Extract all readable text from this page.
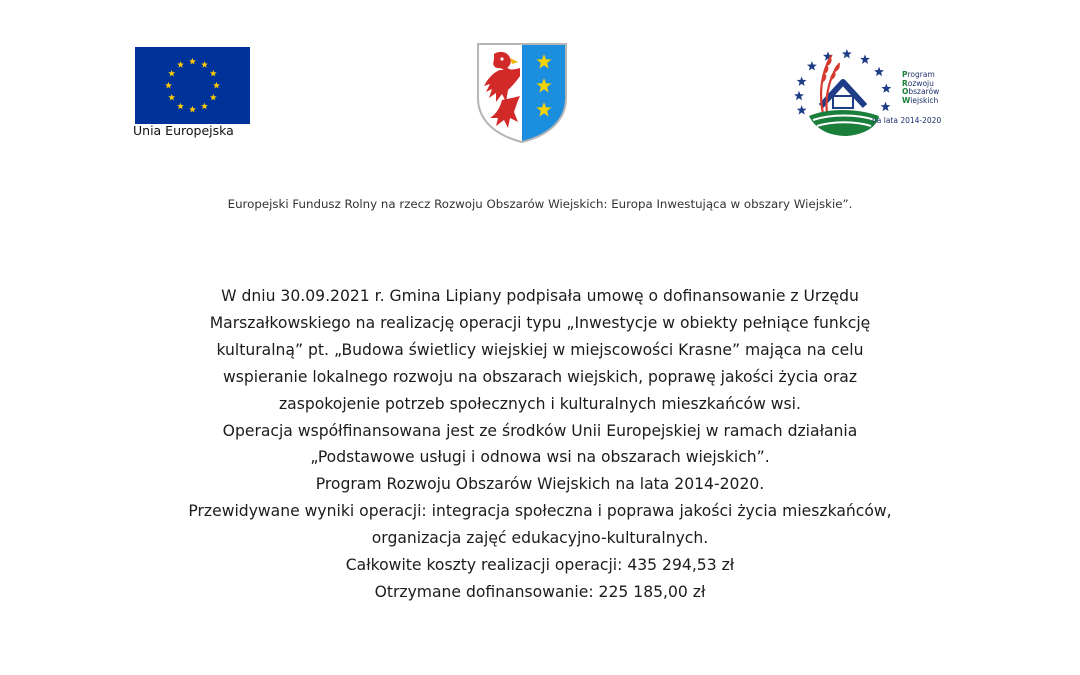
Unia Europejska
Program
Rozwoju
Obszarów
Wiejskich
na lata 2014-2020
Europejski Fundusz Rolny na rzecz Rozwoju Obszarów Wiejskich: Europa Inwestująca w obszary Wiejskie”.
W dniu 30.09.2021 r. Gmina Lipiany podpisała umowę o dofinansowanie z Urzędu
Marszałkowskiego na realizację operacji typu „Inwestycje w obiekty pełniące funkcję
kulturalną” pt. „Budowa świetlicy wiejskiej w miejscowości Krasne” mająca na celu
wspieranie lokalnego rozwoju na obszarach wiejskich, poprawę jakości życia oraz
zaspokojenie potrzeb społecznych i kulturalnych mieszkańców wsi.
Operacja współfinansowana jest ze środków Unii Europejskiej w ramach działania
„Podstawowe usługi i odnowa wsi na obszarach wiejskich”.
Program Rozwoju Obszarów Wiejskich na lata 2014-2020.
Przewidywane wyniki operacji: integracja społeczna i poprawa jakości życia mieszkańców,
organizacja zajęć edukacyjno-kulturalnych.
Całkowite koszty realizacji operacji: 435 294,53 zł
Otrzymane dofinansowanie: 225 185,00 zł
